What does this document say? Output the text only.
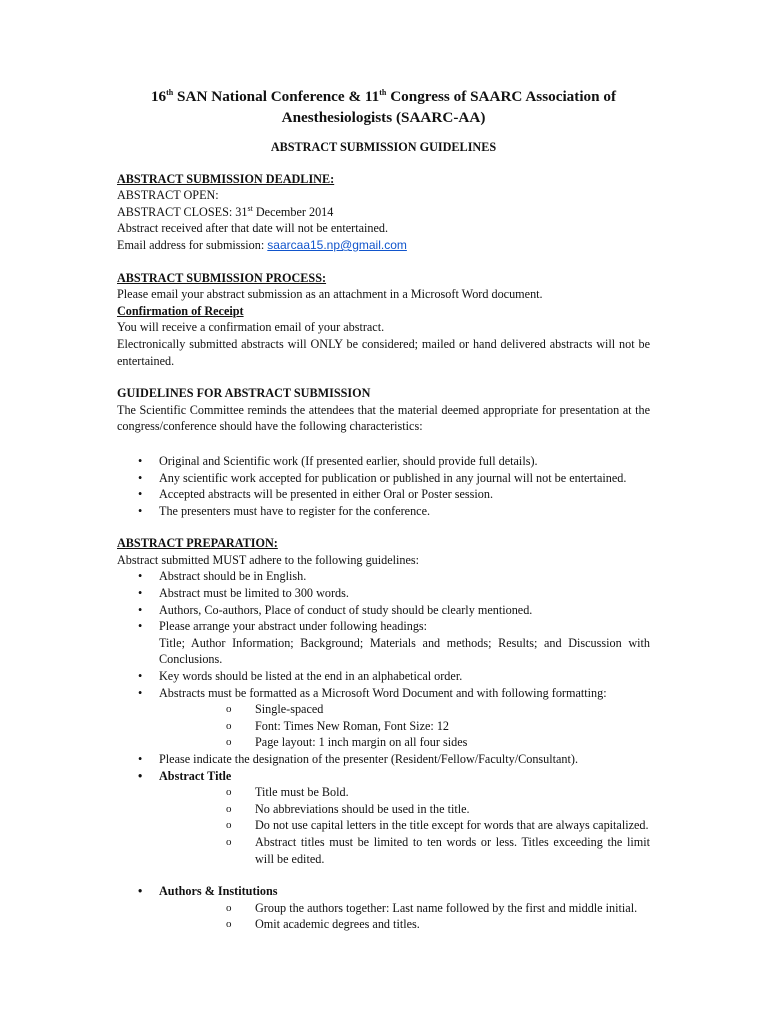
16th SAN National Conference & 11th Congress of SAARC Association of
Anesthesiologists (SAARC-AA)
ABSTRACT SUBMISSION GUIDELINES
ABSTRACT SUBMISSION DEADLINE:

ABSTRACT OPEN:

ABSTRACT CLOSES: 31st December 2014

Abstract received after that date will not be entertained.

Email address for submission: saarcaa15.np@gmail.com

ABSTRACT SUBMISSION PROCESS:

Please email your abstract submission as an attachment in a Microsoft Word document.

Confirmation of Receipt

You will receive a confirmation email of your abstract.

Electronically submitted abstracts will ONLY be considered; mailed or hand delivered abstracts will not be entertained.

GUIDELINES FOR ABSTRACT SUBMISSION

The Scientific Committee reminds the attendees that the material deemed appropriate for presentation at the congress/conference should have the following characteristics:

• Original and Scientific work (If presented earlier, should provide full details).
• Any scientific work accepted for publication or published in any journal will not be entertained.
• Accepted abstracts will be presented in either Oral or Poster session.
• The presenters must have to register for the conference.
ABSTRACT PREPARATION:

Abstract submitted MUST adhere to the following guidelines:

• Abstract should be in English.
• Abstract must be limited to 300 words.
• Authors, Co-authors, Place of conduct of study should be clearly mentioned.
• Please arrange your abstract under following headings:

Title; Author Information; Background; Materials and methods; Results; and Discussion with Conclusions.
• Key words should be listed at the end in an alphabetical order.
• Abstracts must be formatted as a Microsoft Word Document and with following formatting:
o Single-spaced
o Font: Times New Roman, Font Size: 12
o Page layout: 1 inch margin on all four sides
• Please indicate the designation of the presenter (Resident/Fellow/Faculty/Consultant).
• Abstract Title
o Title must be Bold.
o No abbreviations should be used in the title.
o Do not use capital letters in the title except for words that are always capitalized.
o Abstract titles must be limited to ten words or less. Titles exceeding the limit will be edited.
• Authors & Institutions
o Group the authors together: Last name followed by the first and middle initial.
o Omit academic degrees and titles.
